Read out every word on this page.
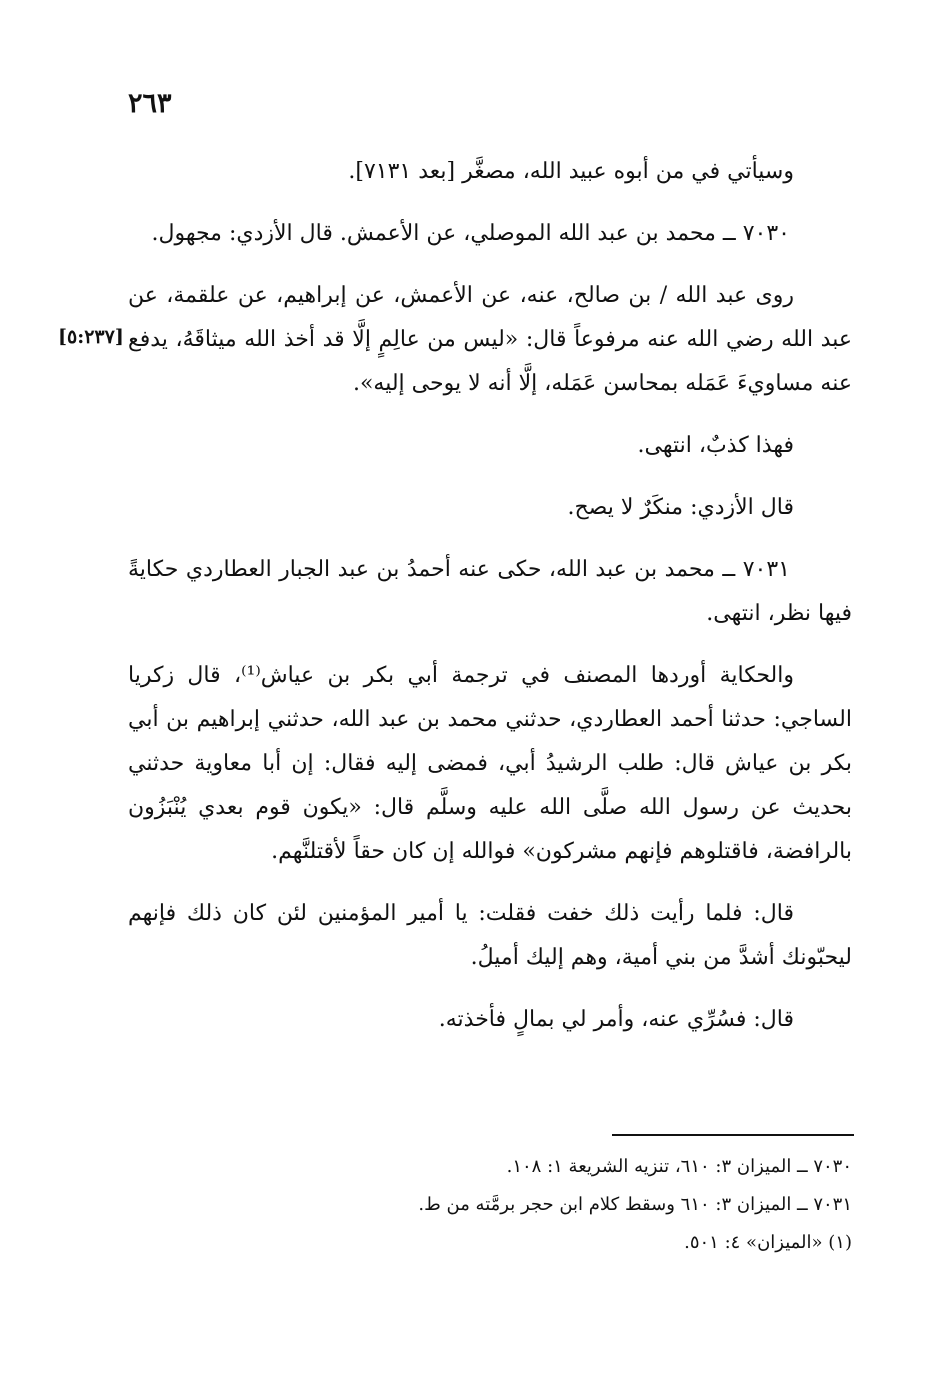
٢٦٣
[٥:٢٣٧]

وسيأتي في من أبوه عبيد الله، مصغَّر [بعد ٧١٣١].

٧٠٣٠ ــ محمد بن عبد الله الموصلي، عن الأعمش. قال الأزدي: مجهول.

روى عبد الله / بن صالح، عنه، عن الأعمش، عن إبراهيم، عن علقمة، عن عبد الله رضي الله عنه مرفوعاً قال: «ليس من عالِمٍ إلَّا قد أخذ الله ميثاقَهُ، يدفع عنه مساويءَ عَمَله بمحاسن عَمَله، إلَّا أنه لا يوحى إليه».

فهذا كذبٌ، انتهى.

قال الأزدي: منكَرٌ لا يصح.

٧٠٣١ ــ محمد بن عبد الله، حكى عنه أحمدُ بن عبد الجبار العطاردي حكايةً فيها نظر، انتهى.

والحكاية أوردها المصنف في ترجمة أبي بكر بن عياش⁽¹⁾، قال زكريا الساجي: حدثنا أحمد العطاردي، حدثني محمد بن عبد الله، حدثني إبراهيم بن أبي بكر بن عياش قال: طلب الرشيدُ أبي، فمضى إليه فقال: إن أبا معاوية حدثني بحديث عن رسول الله صلَّى الله عليه وسلَّم قال: «يكون قوم بعدي يُنْبَزُون بالرافضة، فاقتلوهم فإنهم مشركون» فوالله إن كان حقاً لأقتلنَّهم.

قال: فلما رأيت ذلك خفت فقلت: يا أمير المؤمنين لئن كان ذلك فإنهم ليحبّونك أشدَّ من بني أمية، وهم إليك أميلُ.

قال: فسُرِّي عنه، وأمر لي بمالٍ فأخذته.

٧٠٣٠ ــ الميزان ٣: ٦١٠، تنزيه الشريعة ١: ١٠٨.

٧٠٣١ ــ الميزان ٣: ٦١٠ وسقط كلام ابن حجر برمَّته من ط.

(١) «الميزان» ٤: ٥٠١.
